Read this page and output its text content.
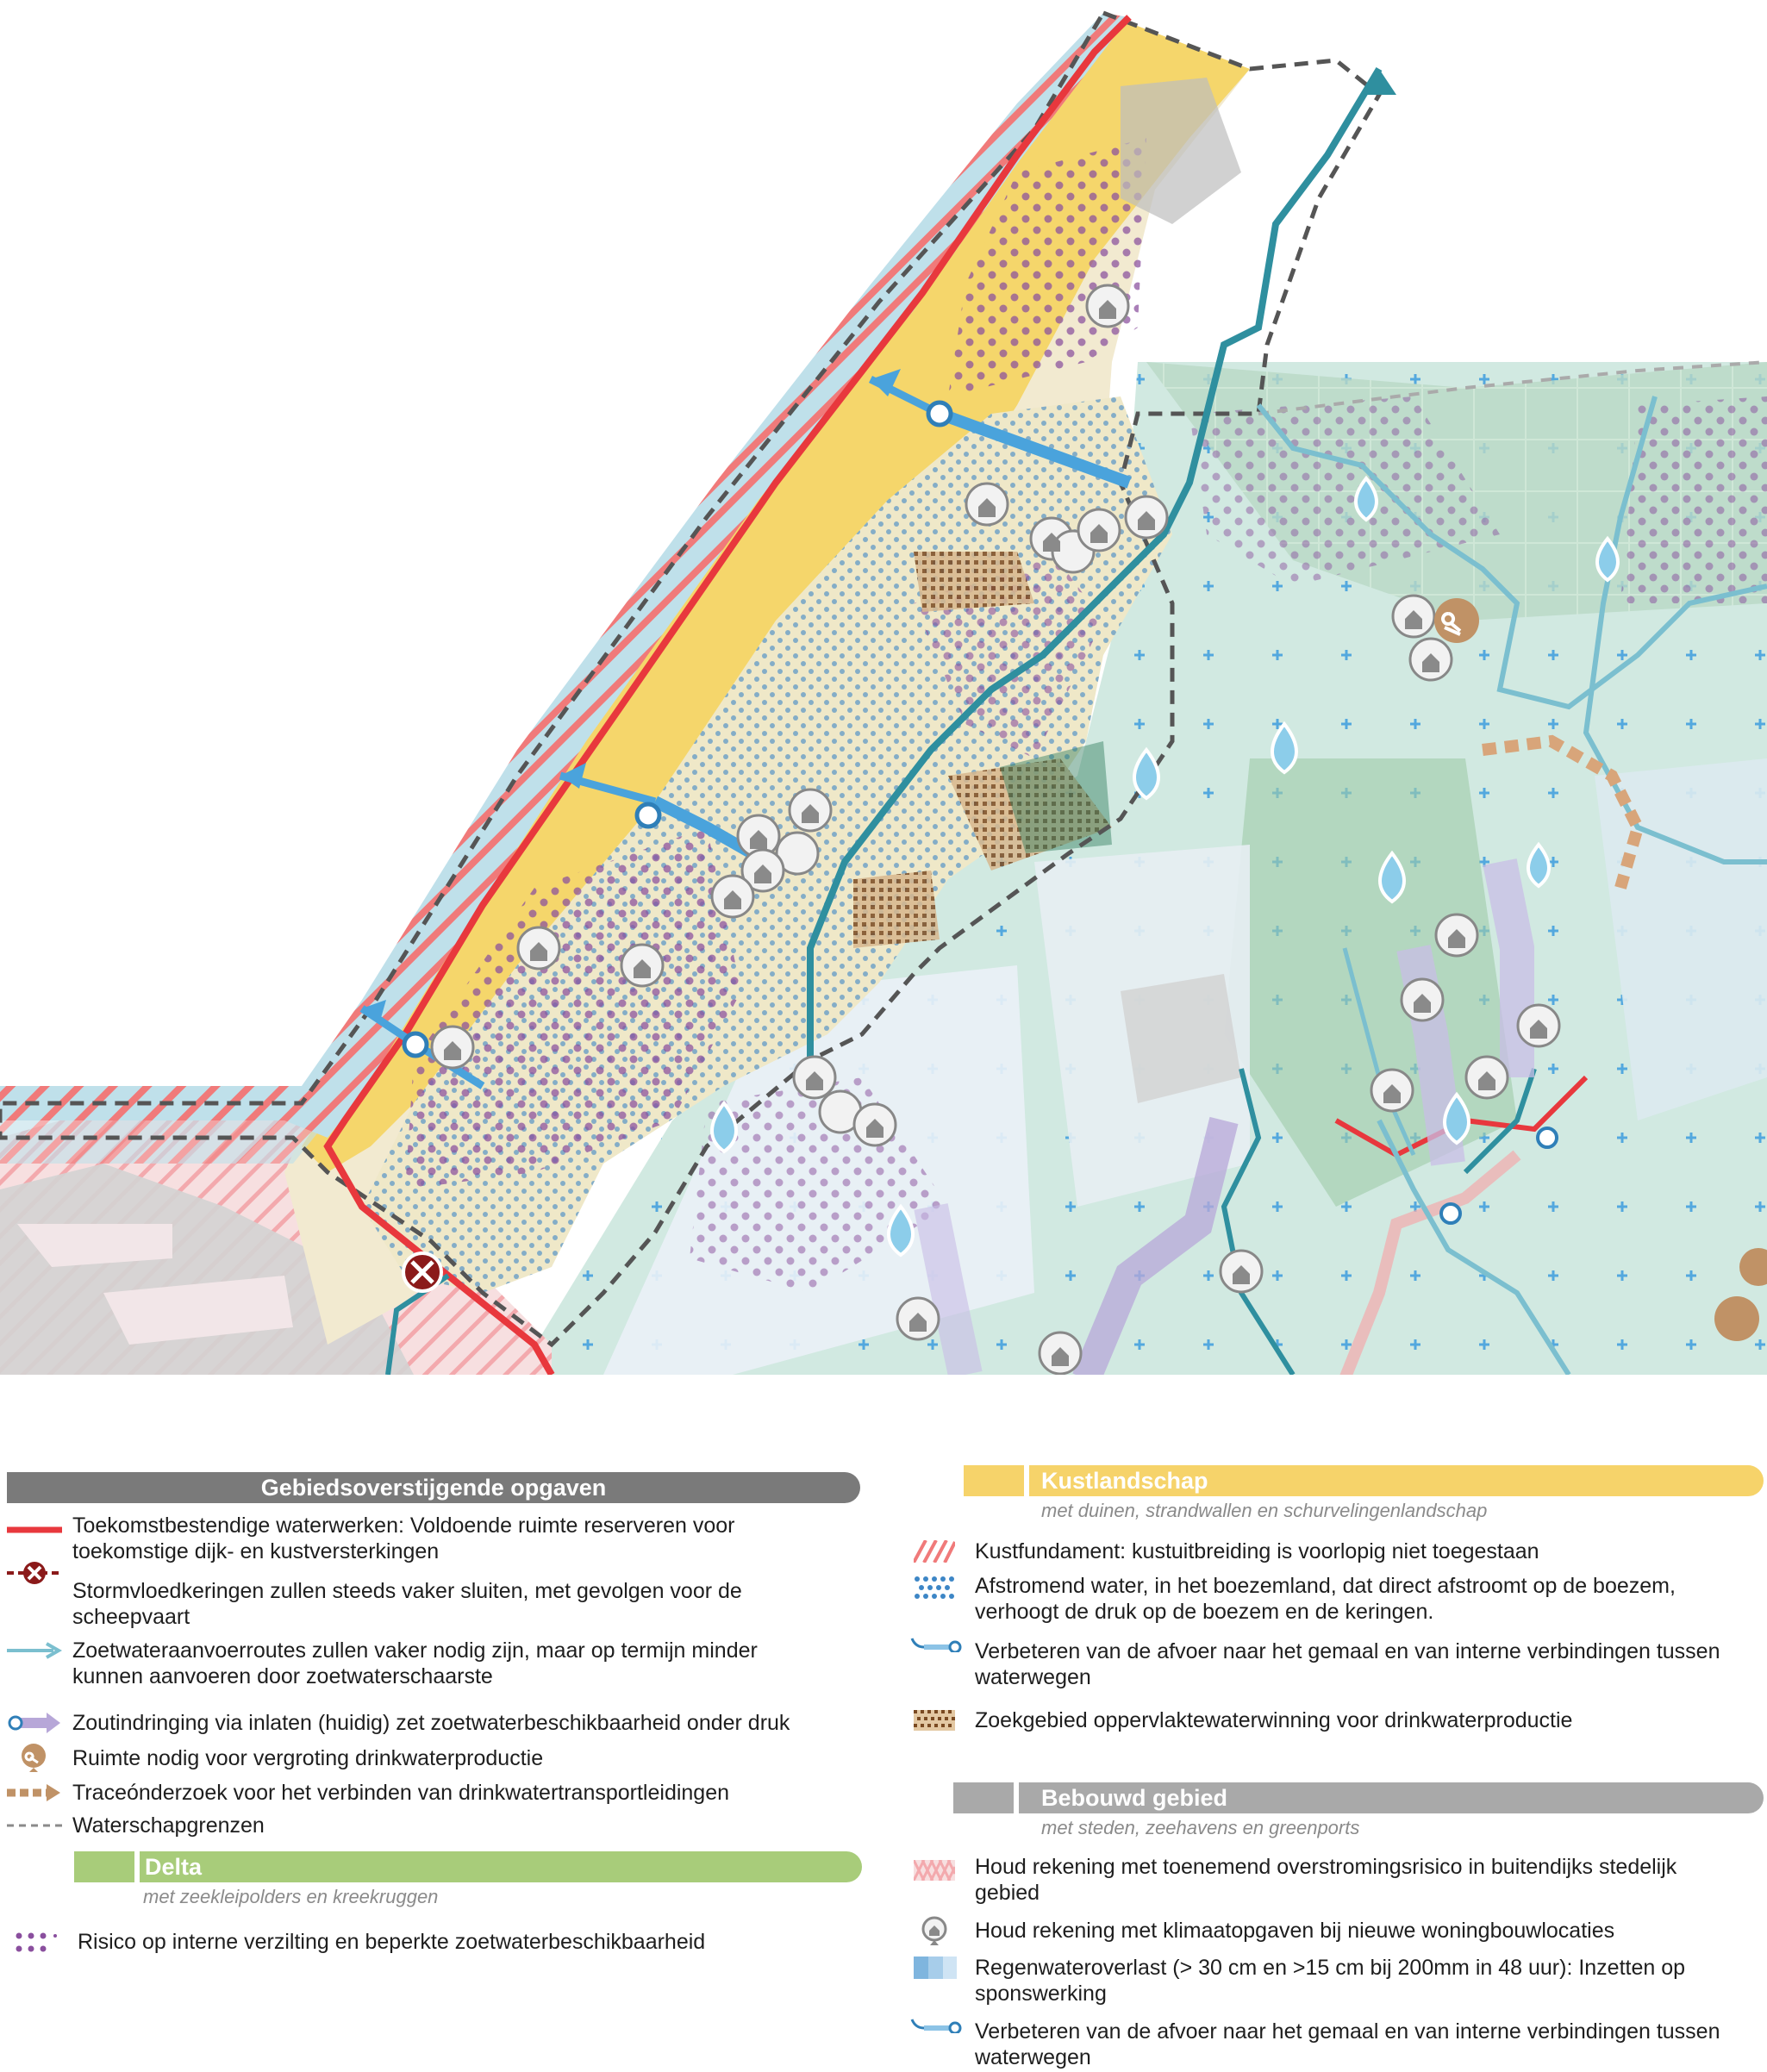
Gebiedsoverstijgende opgaven
Toekomstbestendige waterwerken: Voldoende ruimte reserveren voor toekomstige dijk- en kustversterkingen
Stormvloedkeringen zullen steeds vaker sluiten, met gevolgen voor de scheepvaart
Zoetwateraanvoerroutes zullen vaker nodig zijn, maar op termijn minder kunnen aanvoeren door zoetwaterschaarste
Zoutindringing via inlaten (huidig) zet zoetwaterbeschikbaarheid onder druk
Ruimte nodig voor vergroting drinkwaterproductie
Traceónderzoek voor het verbinden van drinkwatertransportleidingen
Waterschapgrenzen
Delta
met zeekleipolders en kreekruggen
Risico op interne verzilting en beperkte zoetwaterbeschikbaarheid
Kustlandschap
met duinen, strandwallen en schurvelingenlandschap
Kustfundament: kustuitbreiding is voorlopig niet toegestaan
Afstromend water, in het boezemland, dat direct afstroomt op de boezem, verhoogt de druk op de boezem en de keringen.
Verbeteren van de afvoer naar het gemaal en van interne verbindingen tussen waterwegen
Zoekgebied oppervlaktewaterwinning voor drinkwaterproductie
Bebouwd gebied
met steden, zeehavens en greenports
Houd rekening met toenemend overstromingsrisico in buitendijks stedelijk gebied
Houd rekening met klimaatopgaven bij nieuwe woningbouwlocaties
Regenwateroverlast (> 30 cm en >15 cm bij 200mm in 48 uur): Inzetten op sponswerking
Verbeteren van de afvoer naar het gemaal en van interne verbindingen tussen waterwegen
